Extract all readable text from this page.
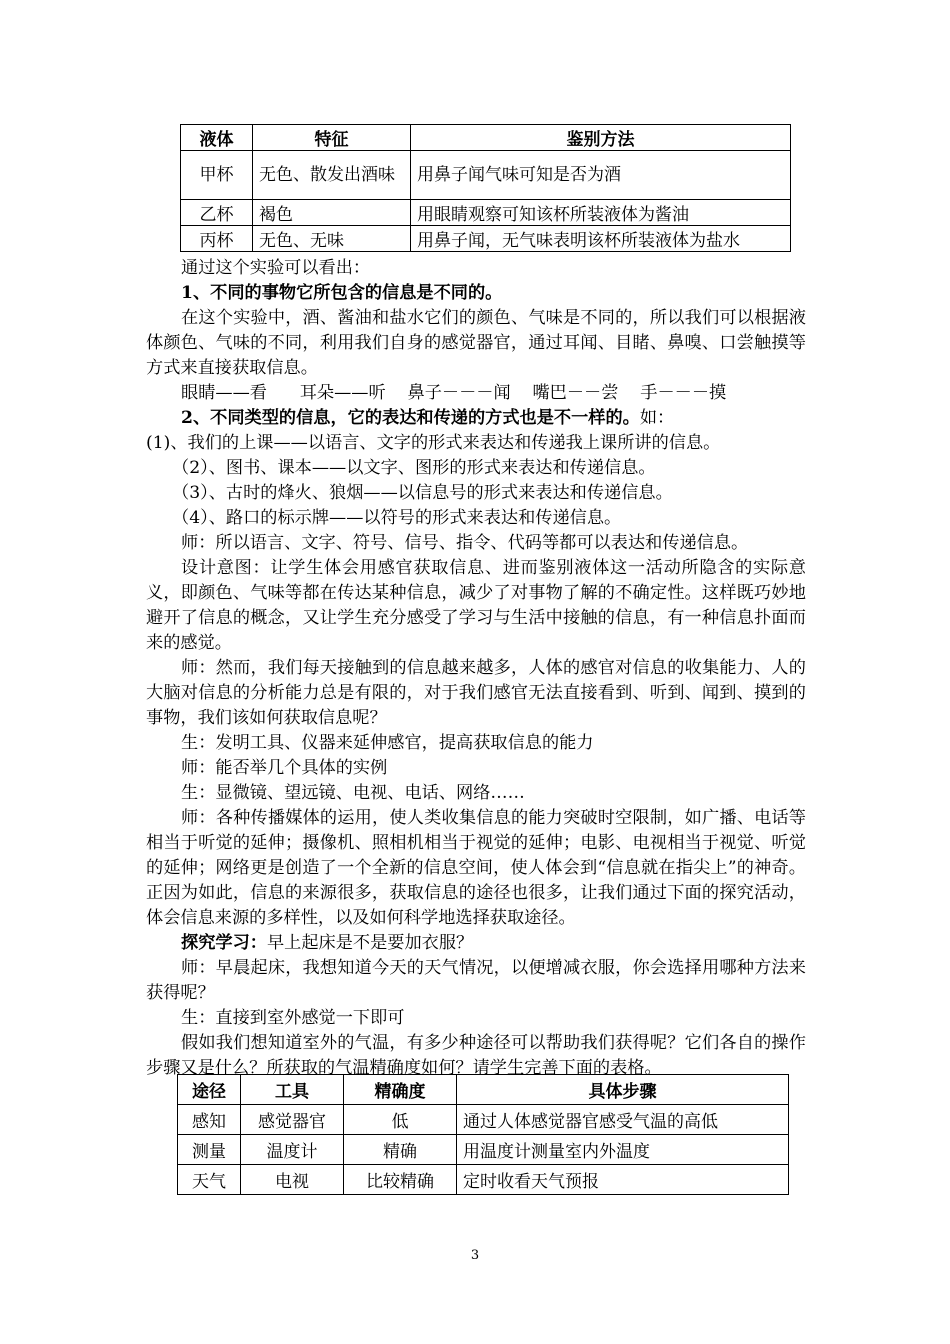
液体	特征	鉴别方法
甲杯	无色、散发出酒味	用鼻子闻气味可知是否为酒
乙杯	褐色	用眼睛观察可知该杯所装液体为酱油
丙杯	无色、无味	用鼻子闻，无气味表明该杯所装液体为盐水

通过这个实验可以看出：

1、不同的事物它所包含的信息是不同的。

在这个实验中，酒、酱油和盐水它们的颜色、气味是不同的，所以我们可以根据液体颜色、气味的不同，利用我们自身的感觉器官，通过耳闻、目睹、鼻嗅、口尝触摸等方式来直接获取信息。

眼睛——看      耳朵——听    鼻子－－－闻    嘴巴－－尝    手－－－摸

2、不同类型的信息，它的表达和传递的方式也是不一样的。如：

(1)、我们的上课——以语言、文字的形式来表达和传递我上课所讲的信息。

（2）、图书、课本——以文字、图形的形式来表达和传递信息。

（3）、古时的烽火、狼烟——以信息号的形式来表达和传递信息。

（4）、路口的标示牌——以符号的形式来表达和传递信息。

师：所以语言、文字、符号、信号、指令、代码等都可以表达和传递信息。

设计意图：让学生体会用感官获取信息、进而鉴别液体这一活动所隐含的实际意义，即颜色、气味等都在传达某种信息，减少了对事物了解的不确定性。这样既巧妙地避开了信息的概念，又让学生充分感受了学习与生活中接触的信息，有一种信息扑面而来的感觉。

师：然而，我们每天接触到的信息越来越多，人体的感官对信息的收集能力、人的大脑对信息的分析能力总是有限的，对于我们感官无法直接看到、听到、闻到、摸到的事物，我们该如何获取信息呢？

生：发明工具、仪器来延伸感官，提高获取信息的能力

师：能否举几个具体的实例

生：显微镜、望远镜、电视、电话、网络……

师：各种传播媒体的运用，使人类收集信息的能力突破时空限制，如广播、电话等相当于听觉的延伸；摄像机、照相机相当于视觉的延伸；电影、电视相当于视觉、听觉的延伸；网络更是创造了一个全新的信息空间，使人体会到“信息就在指尖上”的神奇。正因为如此，信息的来源很多，获取信息的途径也很多，让我们通过下面的探究活动，体会信息来源的多样性，以及如何科学地选择获取途径。

探究学习：早上起床是不是要加衣服？

师：早晨起床，我想知道今天的天气情况，以便增减衣服，你会选择用哪种方法来获得呢？

生：直接到室外感觉一下即可

假如我们想知道室外的气温，有多少种途径可以帮助我们获得呢？它们各自的操作步骤又是什么？所获取的气温精确度如何？请学生完善下面的表格。

途径	工具	精确度	具体步骤
感知	感觉器官	低	通过人体感觉器官感受气温的高低
测量	温度计	精确	用温度计测量室内外温度
天气	电视	比较精确	定时收看天气预报
3
